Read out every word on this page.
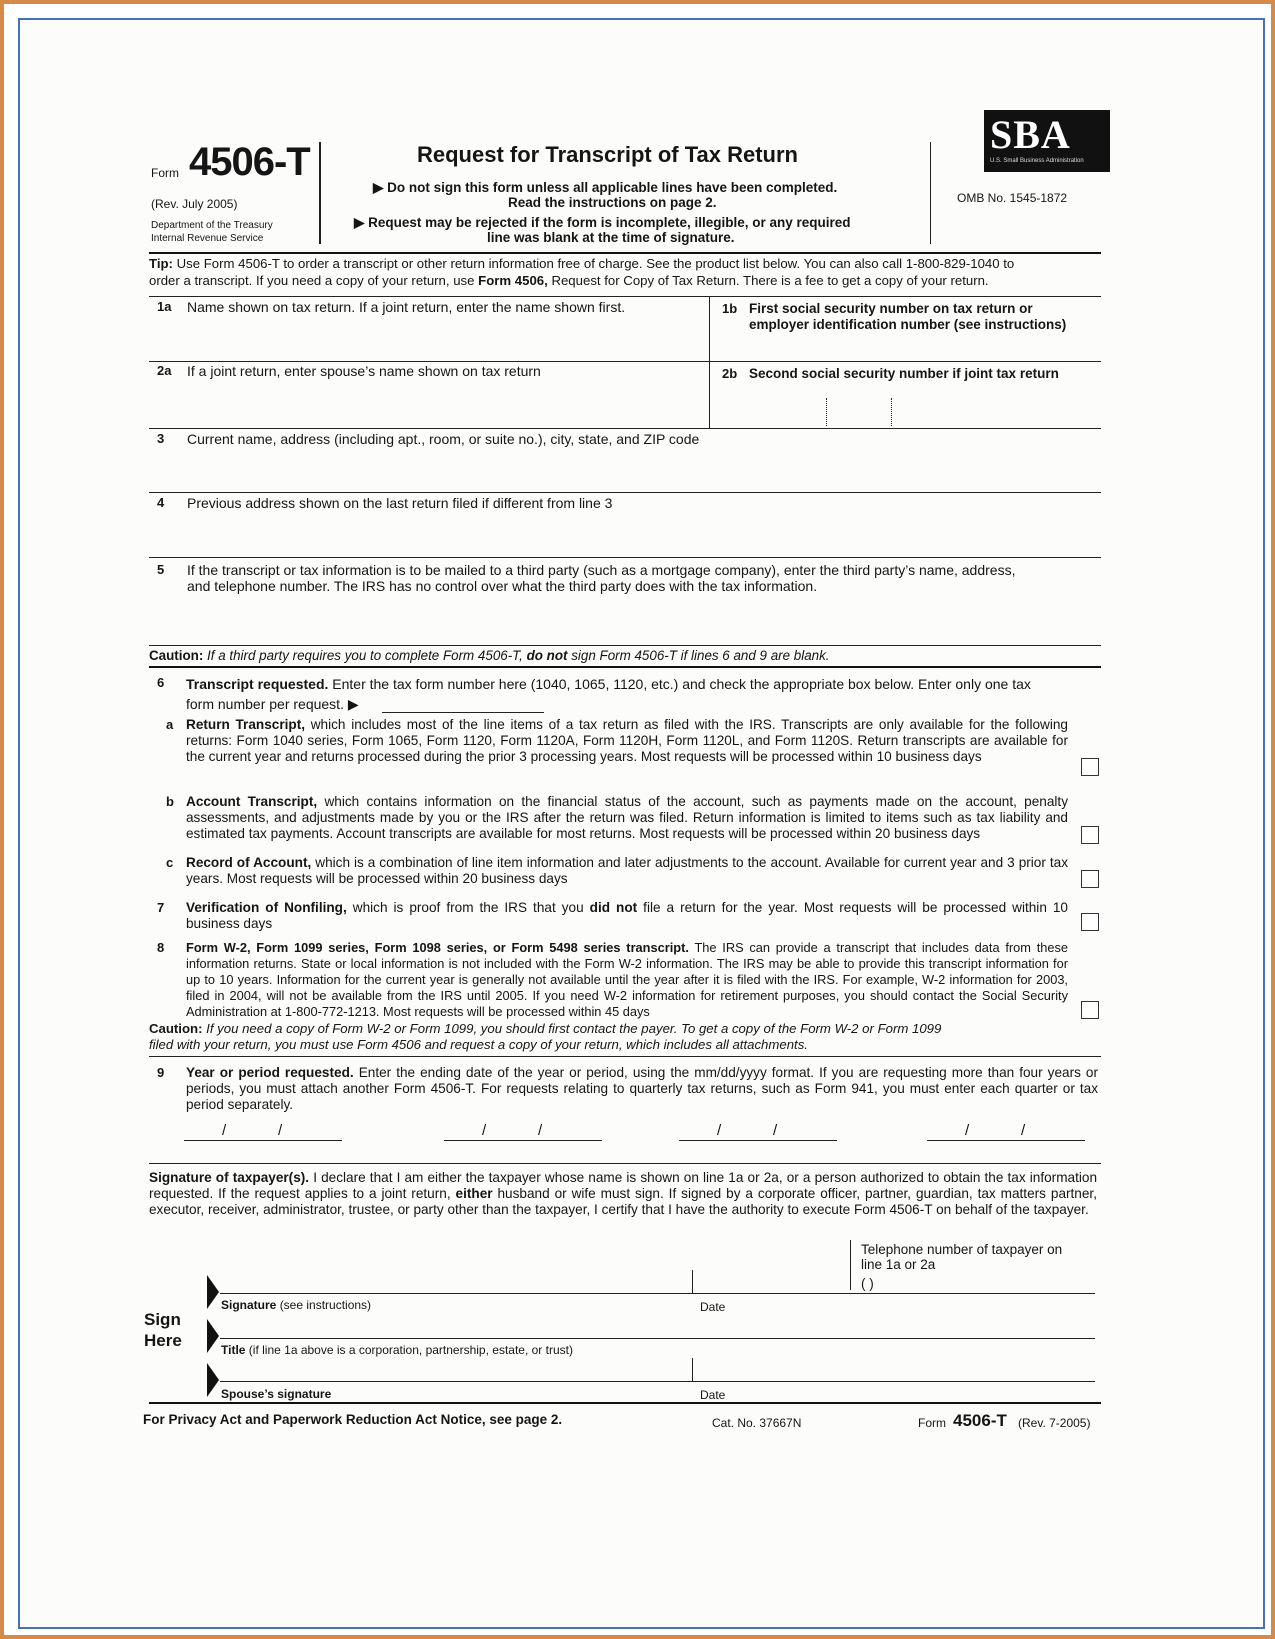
Form 4506-T
(Rev. July 2005)
Department of the Treasury
Internal Revenue Service
Request for Transcript of Tax Return
▶ Do not sign this form unless all applicable lines have been completed.
Read the instructions on page 2.
▶ Request may be rejected if the form is incomplete, illegible, or any required
line was blank at the time of signature.
SBA
U.S. Small Business Administration
OMB No. 1545-1872
Tip: Use Form 4506-T to order a transcript or other return information free of charge. See the product list below. You can also call 1-800-829-1040 to
order a transcript. If you need a copy of your return, use Form 4506, Request for Copy of Tax Return. There is a fee to get a copy of your return.
1a Name shown on tax return. If a joint return, enter the name shown first.	1b First social security number on tax return or
employer identification number (see instructions)
2a If a joint return, enter spouse’s name shown on tax return	2b Second social security number if joint tax return
3 Current name, address (including apt., room, or suite no.), city, state, and ZIP code
4 Previous address shown on the last return filed if different from line 3
5 If the transcript or tax information is to be mailed to a third party (such as a mortgage company), enter the third party’s name, address,
and telephone number. The IRS has no control over what the third party does with the tax information.
Caution: If a third party requires you to complete Form 4506-T, do not sign Form 4506-T if lines 6 and 9 are blank.
6 Transcript requested. Enter the tax form number here (1040, 1065, 1120, etc.) and check the appropriate box below. Enter only one tax
form number per request. ▶
a Return Transcript, which includes most of the line items of a tax return as filed with the IRS. Transcripts are only available for the following returns: Form 1040 series, Form 1065, Form 1120, Form 1120A, Form 1120H, Form 1120L, and Form 1120S. Return transcripts are available for the current year and returns processed during the prior 3 processing years. Most requests will be processed within 10 business days
b Account Transcript, which contains information on the financial status of the account, such as payments made on the account, penalty assessments, and adjustments made by you or the IRS after the return was filed. Return information is limited to items such as tax liability and estimated tax payments. Account transcripts are available for most returns. Most requests will be processed within 20 business days
c Record of Account, which is a combination of line item information and later adjustments to the account. Available for current year and 3 prior tax years. Most requests will be processed within 20 business days
7 Verification of Nonfiling, which is proof from the IRS that you did not file a return for the year. Most requests will be processed within 10 business days
8 Form W-2, Form 1099 series, Form 1098 series, or Form 5498 series transcript. The IRS can provide a transcript that includes data from these information returns. State or local information is not included with the Form W-2 information. The IRS may be able to provide this transcript information for up to 10 years. Information for the current year is generally not available until the year after it is filed with the IRS. For example, W-2 information for 2003, filed in 2004, will not be available from the IRS until 2005. If you need W-2 information for retirement purposes, you should contact the Social Security Administration at 1-800-772-1213. Most requests will be processed within 45 days
Caution: If you need a copy of Form W-2 or Form 1099, you should first contact the payer. To get a copy of the Form W-2 or Form 1099
filed with your return, you must use Form 4506 and request a copy of your return, which includes all attachments.
9 Year or period requested. Enter the ending date of the year or period, using the mm/dd/yyyy format. If you are requesting more than four years or periods, you must attach another Form 4506-T. For requests relating to quarterly tax returns, such as Form 941, you must enter each quarter or tax period separately.
/	/	/	/	/	/	/	/
Signature of taxpayer(s). I declare that I am either the taxpayer whose name is shown on line 1a or 2a, or a person authorized to obtain the tax information requested. If the request applies to a joint return, either husband or wife must sign. If signed by a corporate officer, partner, guardian, tax matters partner, executor, receiver, administrator, trustee, or party other than the taxpayer, I certify that I have the authority to execute Form 4506-T on behalf of the taxpayer.
Telephone number of taxpayer on
line 1a or 2a
( )
Sign
Here
Signature (see instructions)	Date
Title (if line 1a above is a corporation, partnership, estate, or trust)
Spouse’s signature	Date
For Privacy Act and Paperwork Reduction Act Notice, see page 2.	Cat. No. 37667N	Form 4506-T (Rev. 7-2005)
